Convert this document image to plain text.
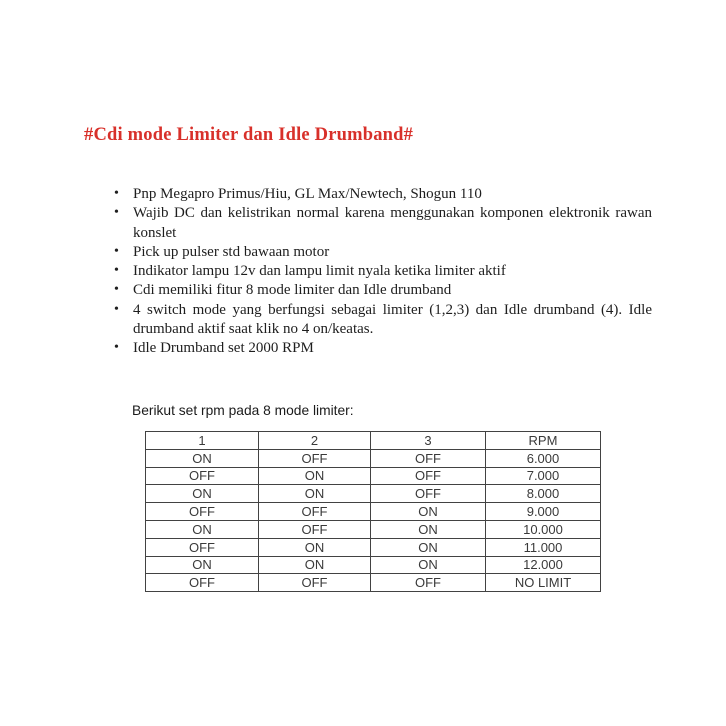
#Cdi mode Limiter dan Idle Drumband#
• Pnp Megapro Primus/Hiu, GL Max/Newtech, Shogun 110
• Wajib DC dan kelistrikan normal karena menggunakan komponen elektronik rawan
konslet
• Pick up pulser std bawaan motor
• Indikator lampu 12v dan lampu limit nyala ketika limiter aktif
• Cdi memiliki fitur 8 mode limiter dan Idle drumband
• 4 switch mode yang berfungsi sebagai limiter (1,2,3) dan Idle drumband (4). Idle
drumband aktif saat klik no 4 on/keatas.
• Idle Drumband set 2000 RPM
Berikut set rpm pada 8 mode limiter:
1	2	3	RPM
ON	OFF	OFF	6.000
OFF	ON	OFF	7.000
ON	ON	OFF	8.000
OFF	OFF	ON	9.000
ON	OFF	ON	10.000
OFF	ON	ON	11.000
ON	ON	ON	12.000
OFF	OFF	OFF	NO LIMIT
